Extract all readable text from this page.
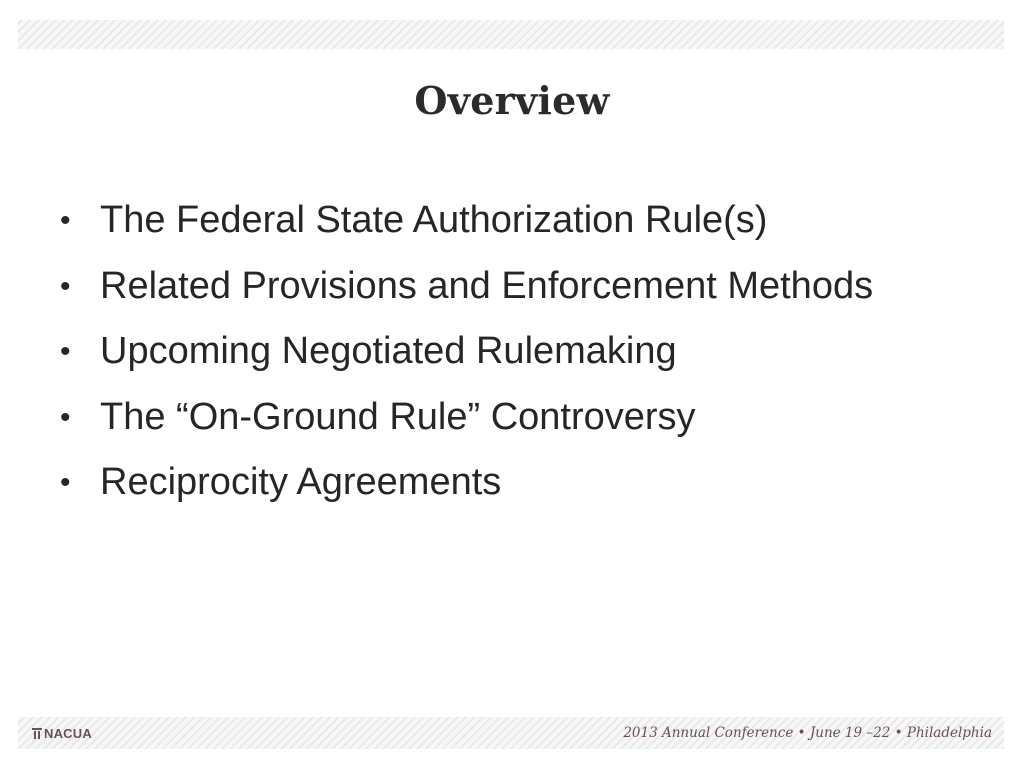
Overview
• The Federal State Authorization Rule(s)
• Related Provisions and Enforcement Methods
• Upcoming Negotiated Rulemaking
• The “On-Ground Rule” Controversy
• Reciprocity Agreements
NACUA	2013 Annual Conference • June 19 –22 • Philadelphia
